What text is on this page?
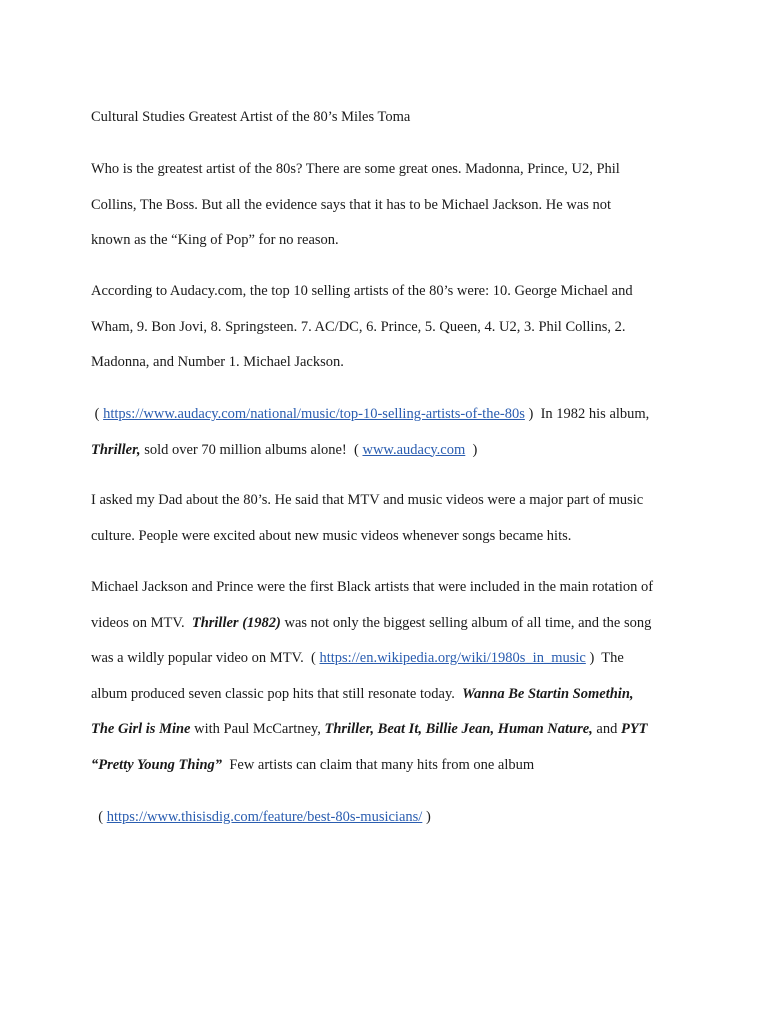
Cultural Studies Greatest Artist of the 80’s Miles Toma

Who is the greatest artist of the 80s? There are some great ones. Madonna, Prince, U2, Phil
Collins, The Boss. But all the evidence says that it has to be Michael Jackson. He was not
known as the “King of Pop” for no reason.

According to Audacy.com, the top 10 selling artists of the 80’s were: 10. George Michael and
Wham, 9. Bon Jovi, 8. Springsteen. 7. AC/DC, 6. Prince, 5. Queen, 4. U2, 3. Phil Collins, 2.
Madonna, and Number 1. Michael Jackson.

( https://www.audacy.com/national/music/top-10-selling-artists-of-the-80s )  In 1982 his album,
Thriller, sold over 70 million albums alone!  ( www.audacy.com  )

I asked my Dad about the 80’s. He said that MTV and music videos were a major part of music
culture. People were excited about new music videos whenever songs became hits.

Michael Jackson and Prince were the first Black artists that were included in the main rotation of
videos on MTV.  Thriller (1982) was not only the biggest selling album of all time, and the song
was a wildly popular video on MTV.  ( https://en.wikipedia.org/wiki/1980s_in_music )  The
album produced seven classic pop hits that still resonate today.  Wanna Be Startin Somethin,
The Girl is Mine with Paul McCartney, Thriller, Beat It, Billie Jean, Human Nature, and PYT
“Pretty Young Thing”  Few artists can claim that many hits from one album

( https://www.thisisdig.com/feature/best-80s-musicians/ )
